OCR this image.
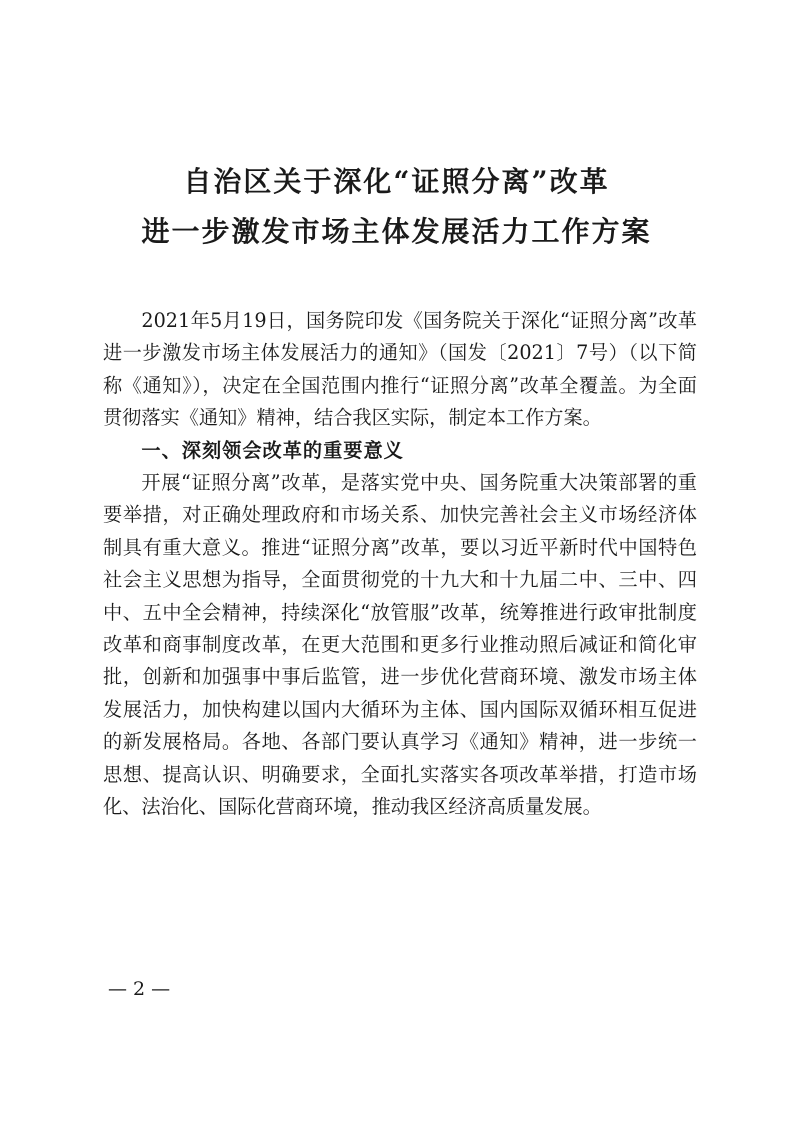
自治区关于深化“证照分离”改革
进一步激发市场主体发展活力工作方案

2021年5月19日，国务院印发《国务院关于深化“证照分离”改革进一步激发市场主体发展活力的通知》（国发〔2021〕7号）（以下简称《通知》），决定在全国范围内推行“证照分离”改革全覆盖。为全面贯彻落实《通知》精神，结合我区实际，制定本工作方案。

一、深刻领会改革的重要意义

开展“证照分离”改革，是落实党中央、国务院重大决策部署的重要举措，对正确处理政府和市场关系、加快完善社会主义市场经济体制具有重大意义。推进“证照分离”改革，要以习近平新时代中国特色社会主义思想为指导，全面贯彻党的十九大和十九届二中、三中、四中、五中全会精神，持续深化“放管服”改革，统筹推进行政审批制度改革和商事制度改革，在更大范围和更多行业推动照后减证和简化审批，创新和加强事中事后监管，进一步优化营商环境、激发市场主体发展活力，加快构建以国内大循环为主体、国内国际双循环相互促进的新发展格局。各地、各部门要认真学习《通知》精神，进一步统一思想、提高认识、明确要求，全面扎实落实各项改革举措，打造市场化、法治化、国际化营商环境，推动我区经济高质量发展。

— 2 —
